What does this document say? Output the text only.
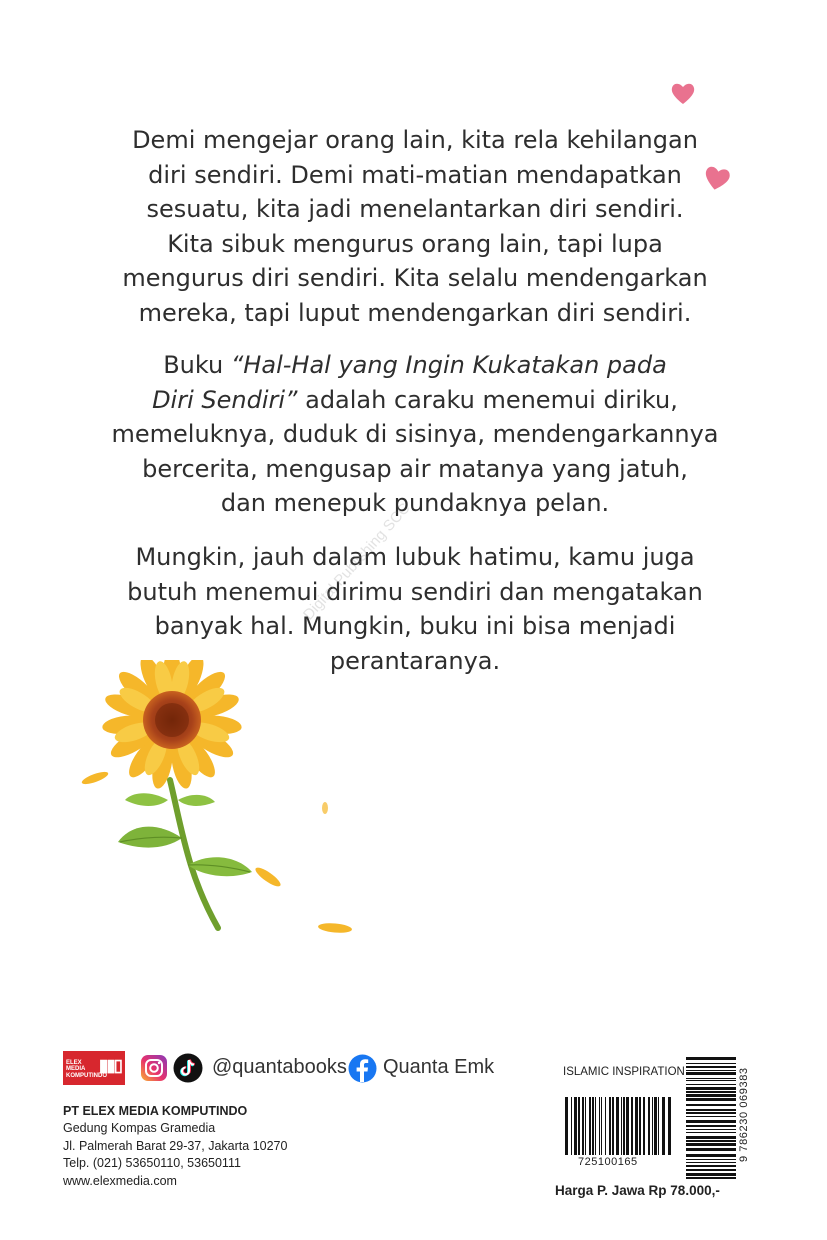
Demi mengejar orang lain, kita rela kehilangan
diri sendiri. Demi mati-matian mendapatkan
sesuatu, kita jadi menelantarkan diri sendiri.
Kita sibuk mengurus orang lain, tapi lupa
mengurus diri sendiri. Kita selalu mendengarkan
mereka, tapi luput mendengarkan diri sendiri.

Buku “Hal-Hal yang Ingin Kukatakan pada
Diri Sendiri” adalah caraku menemui diriku,
memeluknya, duduk di sisinya, mendengarkannya
bercerita, mengusap air matanya yang jatuh,
dan menepuk pundaknya pelan.

Mungkin, jauh dalam lubuk hatimu, kamu juga
butuh menemui dirimu sendiri dan mengatakan
banyak hal. Mungkin, buku ini bisa menjadi
perantaranya.

Digital Publishing SCC
ELEX
MEDIA
KOMPUTINDO
▮▮▯	@quantabooks Quanta Emk
PT ELEX MEDIA KOMPUTINDO
Gedung Kompas Gramedia
Jl. Palmerah Barat 29-37, Jakarta 10270
Telp. (021) 53650110, 53650111
www.elexmedia.com
ISLAMIC INSPIRATION
725100165
9 786230 069383
Harga P. Jawa Rp 78.000,-
